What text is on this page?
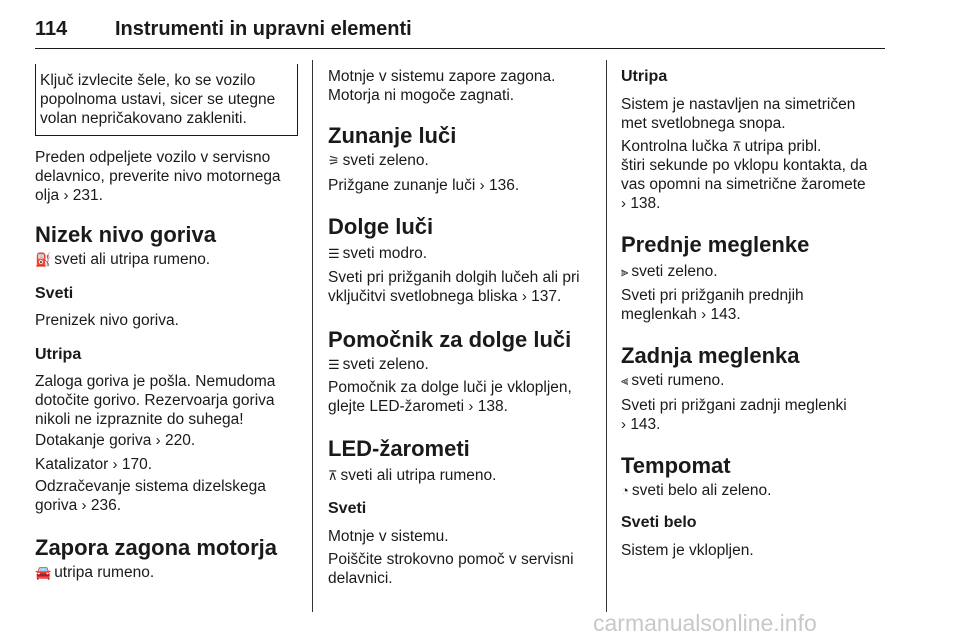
114 Instrumenti in upravni elementi
Ključ izvlecite šele, ko se vozilo
popolnoma ustavi, sicer se utegne
volan nepričakovano zakleniti.

Preden odpeljete vozilo v servisno

delavnico, preverite nivo motornega

olja › 231.

Nizek nivo goriva

⛽ sveti ali utripa rumeno.

Sveti

Prenizek nivo goriva.

Utripa

Zaloga goriva je pošla. Nemudoma

dotočite gorivo. Rezervoarja goriva

nikoli ne izpraznite do suhega!

Dotakanje goriva › 220.

Katalizator › 170.

Odzračevanje sistema dizelskega

goriva › 236.

Zapora zagona motorja

🚘 utripa rumeno.

Motnje v sistemu zapore zagona.

Motorja ni mogoče zagnati.

Zunanje luči

⚞ sveti zeleno.

Prižgane zunanje luči › 136.

Dolge luči

☰ sveti modro.

Sveti pri prižganih dolgih lučeh ali pri

vključitvi svetlobnega bliska › 137.

Pomočnik za dolge luči

☰ sveti zeleno.

Pomočnik za dolge luči je vklopljen,

glejte LED-žarometi › 138.

LED-žarometi

⊼ sveti ali utripa rumeno.

Sveti

Motnje v sistemu.

Poiščite strokovno pomoč v servisni

delavnici.

Utripa

Sistem je nastavljen na simetričen

met svetlobnega snopa.

Kontrolna lučka ⊼ utripa pribl.

štiri sekunde po vklopu kontakta, da

vas opomni na simetrične žaromete

› 138.

Prednje meglenke

⫸ sveti zeleno.

Sveti pri prižganih prednjih

meglenkah › 143.

Zadnja meglenka

⫷ sveti rumeno.

Sveti pri prižgani zadnji meglenki

› 143.

Tempomat

◔ sveti belo ali zeleno.

Sveti belo

Sistem je vklopljen.

carmanualsonline.info
